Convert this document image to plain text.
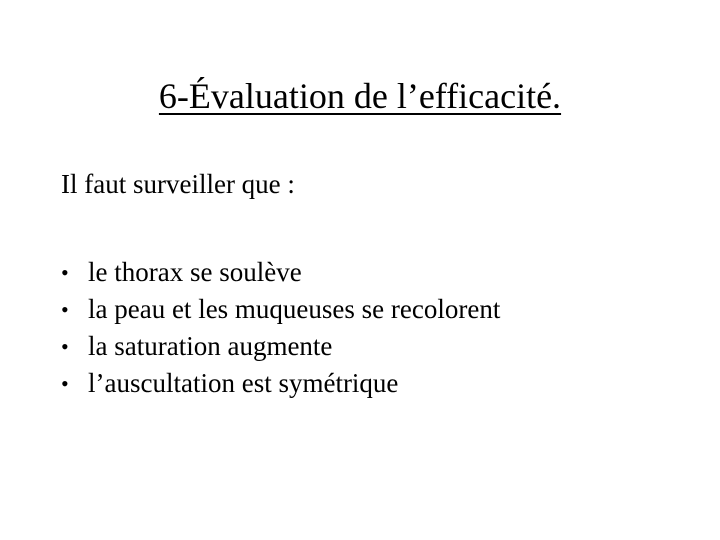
6-Évaluation de l’efficacité.
Il faut surveiller que :
• le thorax se soulève
• la peau et les muqueuses se recolorent
• la saturation augmente
• l’auscultation est symétrique
